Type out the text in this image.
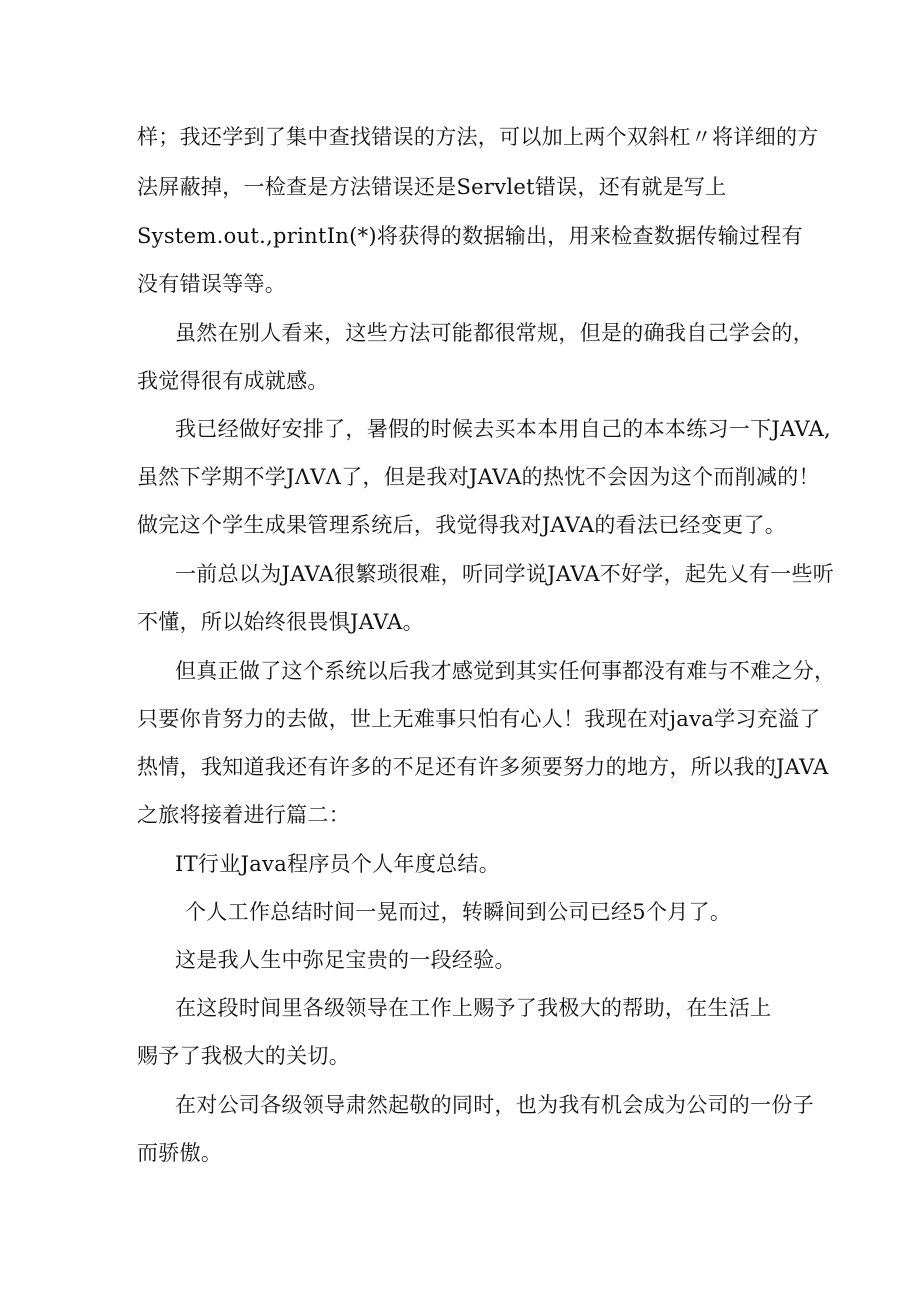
样；我还学到了集中查找错误的方法，可以加上两个双斜杠〃将详细的方
法屏蔽掉，一检查是方法错误还是Servlet错误，还有就是写上
System.out.,printIn(*)将获得的数据输出，用来检查数据传输过程有
没有错误等等。
虽然在别人看来，这些方法可能都很常规，但是的确我自己学会的，
我觉得很有成就感。
我已经做好安排了，暑假的时候去买本本用自己的本本练习一下JAVA,
虽然下学期不学JΛVΛ了，但是我对JAVA的热忱不会因为这个而削减的！
做完这个学生成果管理系统后，我觉得我对JAVA的看法已经变更了。
一前总以为JAVA很繁琐很难，听同学说JAVA不好学，起先乂有一些听
不懂，所以始终很畏惧JAVA。
但真正做了这个系统以后我才感觉到其实任何事都没有难与不难之分，
只要你肯努力的去做，世上无难事只怕有心人！我现在对java学习充溢了
热情，我知道我还有许多的不足还有许多须要努力的地方，所以我的JAVA
之旅将接着进行篇二：
IT行业Java程序员个人年度总结。
个人工作总结时间一晃而过，转瞬间到公司已经5个月了。
这是我人生中弥足宝贵的一段经验。
在这段时间里各级领导在工作上赐予了我极大的帮助，在生活上
赐予了我极大的关切。
在对公司各级领导肃然起敬的同时，也为我有机会成为公司的一份子
而骄傲。
